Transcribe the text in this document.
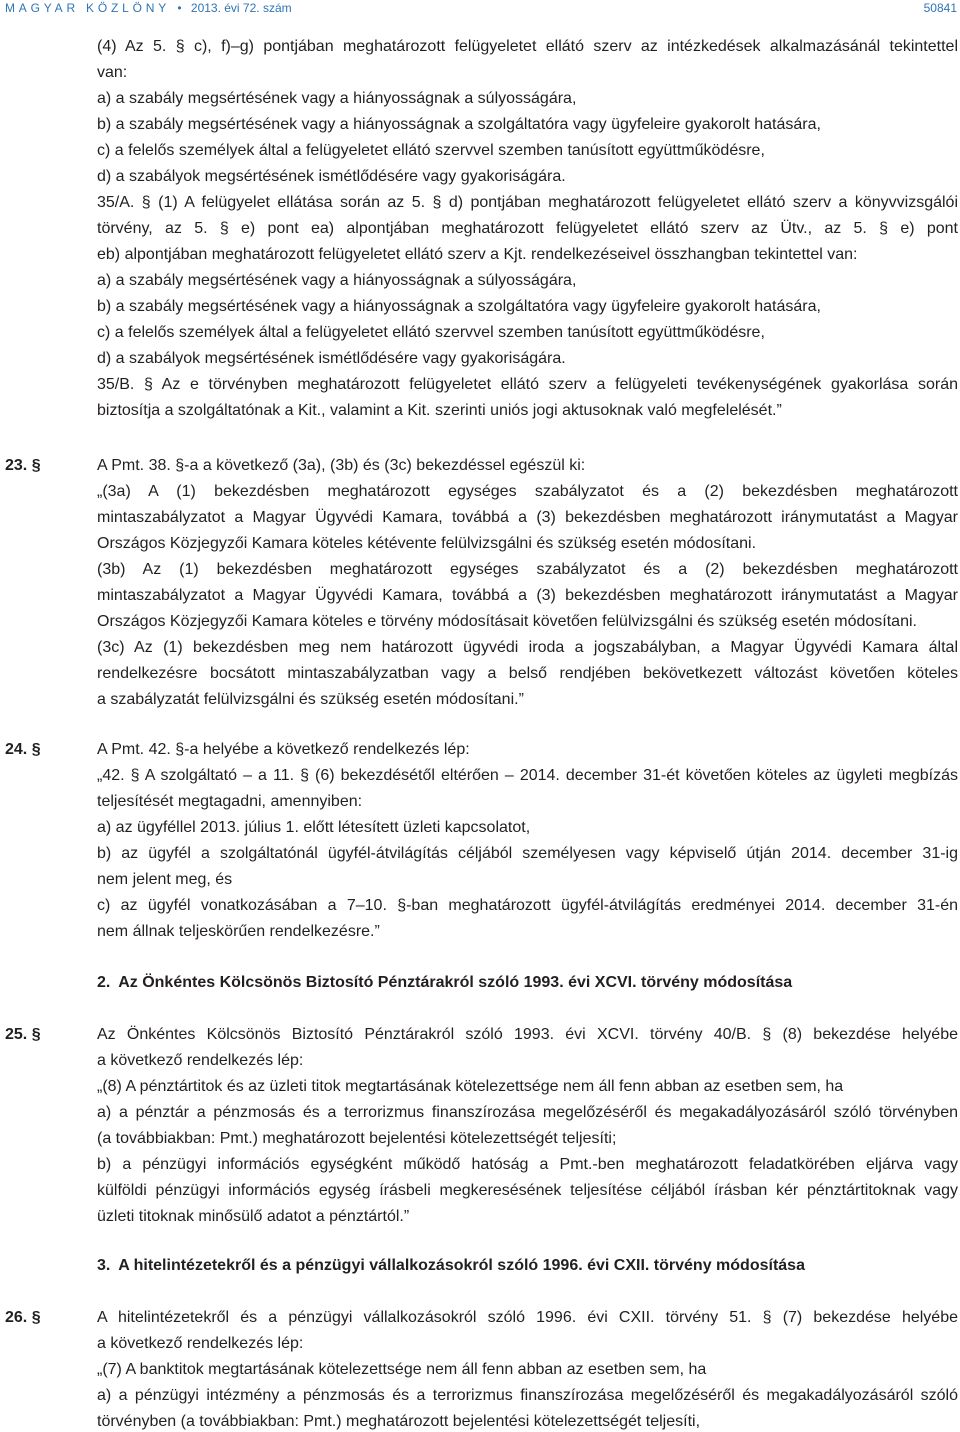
MAGYAR KÖZLÖNY • 2013. évi 72. szám	50841
(4) Az 5. § c), f)–g) pontjában meghatározott felügyeletet ellátó szerv az intézkedések alkalmazásánál tekintettel
van:
a) a szabály megsértésének vagy a hiányosságnak a súlyosságára,
b) a szabály megsértésének vagy a hiányosságnak a szolgáltatóra vagy ügyfeleire gyakorolt hatására,
c) a felelős személyek által a felügyeletet ellátó szervvel szemben tanúsított együttműködésre,
d) a szabályok megsértésének ismétlődésére vagy gyakoriságára.
35/A. § (1) A felügyelet ellátása során az 5. § d) pontjában meghatározott felügyeletet ellátó szerv a könyvvizsgálói
törvény, az 5. § e) pont ea) alpontjában meghatározott felügyeletet ellátó szerv az Ütv., az 5. § e) pont
eb) alpontjában meghatározott felügyeletet ellátó szerv a Kjt. rendelkezéseivel összhangban tekintettel van:
a) a szabály megsértésének vagy a hiányosságnak a súlyosságára,
b) a szabály megsértésének vagy a hiányosságnak a szolgáltatóra vagy ügyfeleire gyakorolt hatására,
c) a felelős személyek által a felügyeletet ellátó szervvel szemben tanúsított együttműködésre,
d) a szabályok megsértésének ismétlődésére vagy gyakoriságára.
35/B. § Az e törvényben meghatározott felügyeletet ellátó szerv a felügyeleti tevékenységének gyakorlása során
biztosítja a szolgáltatónak a Kit., valamint a Kit. szerinti uniós jogi aktusoknak való megfelelését.”
23. §	A Pmt. 38. §-a a következő (3a), (3b) és (3c) bekezdéssel egészül ki:
„(3a) A (1) bekezdésben meghatározott egységes szabályzatot és a (2) bekezdésben meghatározott
mintaszabályzatot a Magyar Ügyvédi Kamara, továbbá a (3) bekezdésben meghatározott iránymutatást a Magyar
Országos Közjegyzői Kamara köteles kétévente felülvizsgálni és szükség esetén módosítani.
(3b) Az (1) bekezdésben meghatározott egységes szabályzatot és a (2) bekezdésben meghatározott
mintaszabályzatot a Magyar Ügyvédi Kamara, továbbá a (3) bekezdésben meghatározott iránymutatást a Magyar
Országos Közjegyzői Kamara köteles e törvény módosításait követően felülvizsgálni és szükség esetén módosítani.
(3c) Az (1) bekezdésben meg nem határozott ügyvédi iroda a jogszabályban, a Magyar Ügyvédi Kamara által
rendelkezésre bocsátott mintaszabályzatban vagy a belső rendjében bekövetkezett változást követően köteles
a szabályzatát felülvizsgálni és szükség esetén módosítani.”
24. §	A Pmt. 42. §-a helyébe a következő rendelkezés lép:
„42. § A szolgáltató – a 11. § (6) bekezdésétől eltérően – 2014. december 31-ét követően köteles az ügyleti megbízás
teljesítését megtagadni, amennyiben:
a) az ügyféllel 2013. július 1. előtt létesített üzleti kapcsolatot,
b) az ügyfél a szolgáltatónál ügyfél-átvilágítás céljából személyesen vagy képviselő útján 2014. december 31-ig
nem jelent meg, és
c) az ügyfél vonatkozásában a 7–10. §-ban meghatározott ügyfél-átvilágítás eredményei 2014. december 31-én
nem állnak teljeskörűen rendelkezésre.”
2. Az Önkéntes Kölcsönös Biztosító Pénztárakról szóló 1993. évi XCVI. törvény módosítása
25. §	Az Önkéntes Kölcsönös Biztosító Pénztárakról szóló 1993. évi XCVI. törvény 40/B. § (8) bekezdése helyébe
a következő rendelkezés lép:
„(8) A pénztártitok és az üzleti titok megtartásának kötelezettsége nem áll fenn abban az esetben sem, ha
a) a pénztár a pénzmosás és a terrorizmus finanszírozása megelőzéséről és megakadályozásáról szóló törvényben
(a továbbiakban: Pmt.) meghatározott bejelentési kötelezettségét teljesíti;
b) a pénzügyi információs egységként működő hatóság a Pmt.-ben meghatározott feladatkörében eljárva vagy
külföldi pénzügyi információs egység írásbeli megkeresésének teljesítése céljából írásban kér pénztártitoknak vagy
üzleti titoknak minősülő adatot a pénztártól.”
3. A hitelintézetekről és a pénzügyi vállalkozásokról szóló 1996. évi CXII. törvény módosítása
26. §	A hitelintézetekről és a pénzügyi vállalkozásokról szóló 1996. évi CXII. törvény 51. § (7) bekezdése helyébe
a következő rendelkezés lép:
„(7) A banktitok megtartásának kötelezettsége nem áll fenn abban az esetben sem, ha
a) a pénzügyi intézmény a pénzmosás és a terrorizmus finanszírozása megelőzéséről és megakadályozásáról szóló
törvényben (a továbbiakban: Pmt.) meghatározott bejelentési kötelezettségét teljesíti,
